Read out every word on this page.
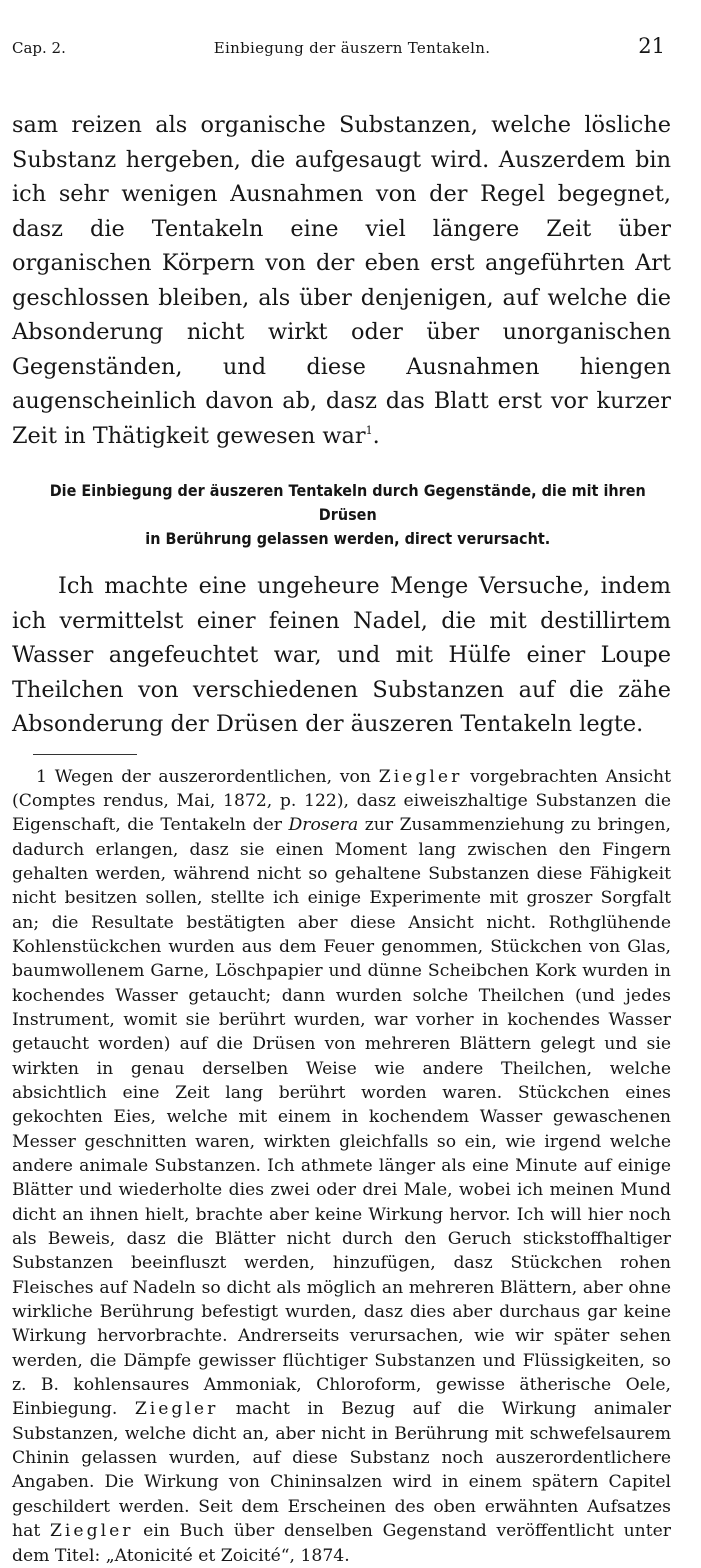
Cap. 2.	Einbiegung der äuszern Tentakeln.	21

sam reizen als organische Substanzen, welche lösliche Substanz hergeben, die aufgesaugt wird. Auszerdem bin ich sehr wenigen Ausnahmen von der Regel begegnet, dasz die Tentakeln eine viel längere Zeit über organischen Körpern von der eben erst angeführten Art geschlossen bleiben, als über denjenigen, auf welche die Absonderung nicht wirkt oder über unorganischen Gegenständen, und diese Ausnahmen hiengen augenscheinlich davon ab, dasz das Blatt erst vor kurzer Zeit in Thätigkeit gewesen war$^1$.

Die Einbiegung der äuszeren Tentakeln durch Gegenstände, die mit ihren Drüsen
in Berührung gelassen werden, direct verursacht.

Ich machte eine ungeheure Menge Versuche, indem ich vermittelst einer feinen Nadel, die mit destillirtem Wasser angefeuchtet war, und mit Hülfe einer Loupe Theilchen von verschiedenen Substanzen auf die zähe Absonderung der Drüsen der äuszeren Tentakeln legte.

1 Wegen der auszerordentlichen, von Ziegler vorgebrachten Ansicht (Comptes rendus, Mai, 1872, p. 122), dasz eiweiszhaltige Substanzen die Eigenschaft, die Tentakeln der Drosera zur Zusammenziehung zu bringen, dadurch erlangen, dasz sie einen Moment lang zwischen den Fingern gehalten werden, während nicht so gehaltene Substanzen diese Fähigkeit nicht besitzen sollen, stellte ich einige Experimente mit groszer Sorgfalt an; die Resultate bestätigten aber diese Ansicht nicht. Rothglühende Kohlenstückchen wurden aus dem Feuer genommen, Stückchen von Glas, baumwollenem Garne, Löschpapier und dünne Scheibchen Kork wurden in kochendes Wasser getaucht; dann wurden solche Theilchen (und jedes Instrument, womit sie berührt wurden, war vorher in kochendes Wasser getaucht worden) auf die Drüsen von mehreren Blättern gelegt und sie wirkten in genau derselben Weise wie andere Theilchen, welche absichtlich eine Zeit lang berührt worden waren. Stückchen eines gekochten Eies, welche mit einem in kochendem Wasser gewaschenen Messer geschnitten waren, wirkten gleichfalls so ein, wie irgend welche andere animale Substanzen. Ich athmete länger als eine Minute auf einige Blätter und wiederholte dies zwei oder drei Male, wobei ich meinen Mund dicht an ihnen hielt, brachte aber keine Wirkung hervor. Ich will hier noch als Beweis, dasz die Blätter nicht durch den Geruch stickstoffhaltiger Substanzen beeinfluszt werden, hinzufügen, dasz Stückchen rohen Fleisches auf Nadeln so dicht als möglich an mehreren Blättern, aber ohne wirkliche Berührung befestigt wurden, dasz dies aber durchaus gar keine Wirkung hervorbrachte. Andrerseits verursachen, wie wir später sehen werden, die Dämpfe gewisser flüchtiger Substanzen und Flüssigkeiten, so z. B. kohlensaures Ammoniak, Chloroform, gewisse ätherische Oele, Einbiegung. Ziegler macht in Bezug auf die Wirkung animaler Substanzen, welche dicht an, aber nicht in Berührung mit schwefelsaurem Chinin gelassen wurden, auf diese Substanz noch auszerordentlichere Angaben. Die Wirkung von Chininsalzen wird in einem spätern Capitel geschildert werden. Seit dem Erscheinen des oben erwähnten Aufsatzes hat Ziegler ein Buch über denselben Gegenstand veröffentlicht unter dem Titel: „Atonicité et Zoicité“, 1874.
